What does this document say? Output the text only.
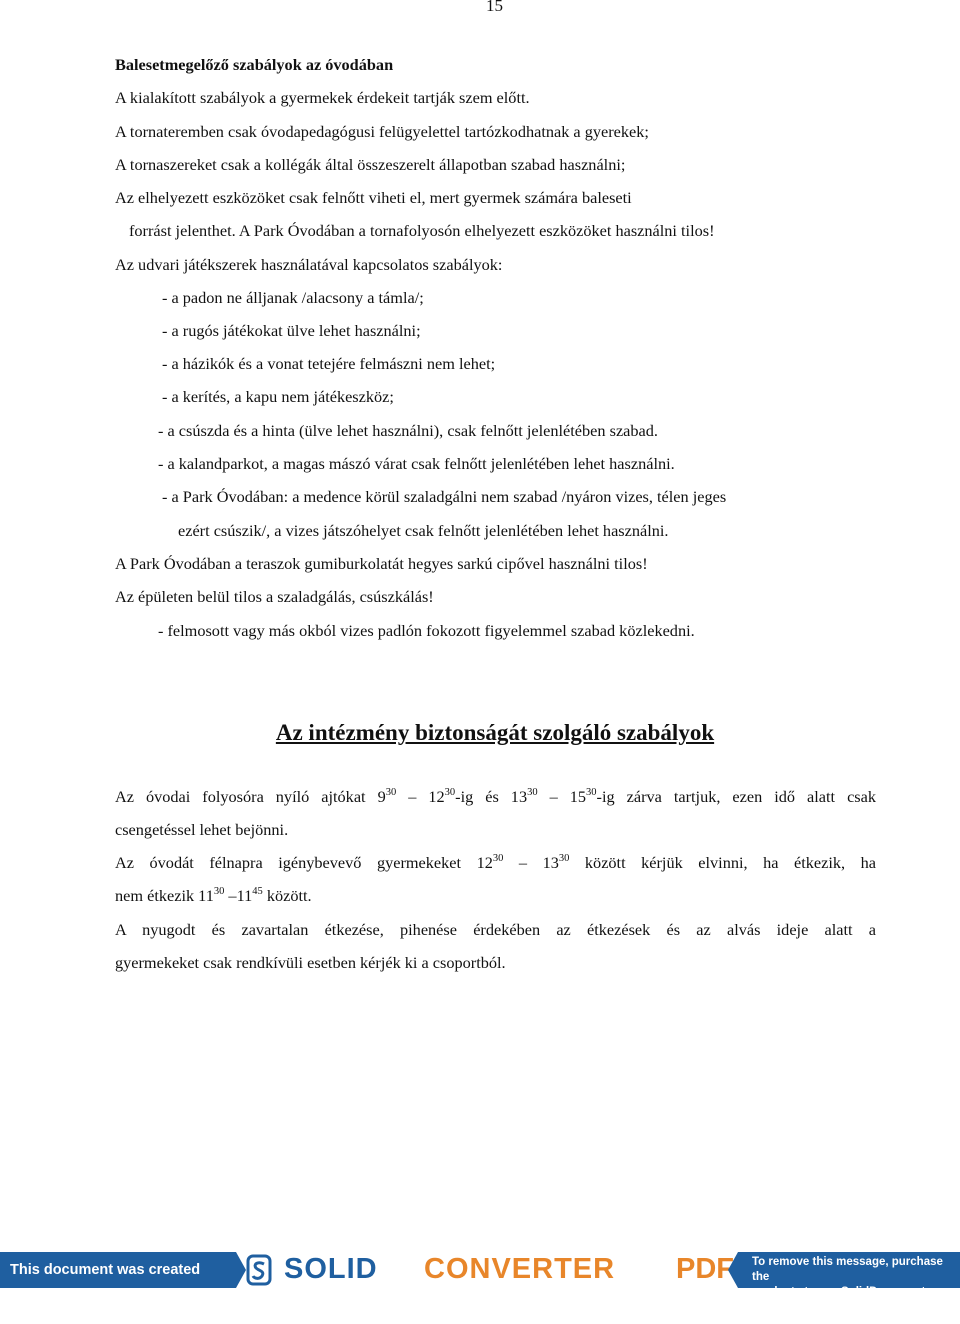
15
Balesetmegelőző szabályok az óvodában
A kialakított szabályok a gyermekek érdekeit tartják szem előtt.
A tornateremben csak óvodapedagógusi felügyelettel tartózkodhatnak a gyerekek;
A tornaszereket csak a kollégák által összeszerelt állapotban szabad használni;
Az elhelyezett eszközöket csak felnőtt viheti el, mert gyermek számára baleseti
forrást jelenthet. A Park Óvodában a tornafolyosón elhelyezett eszközöket használni tilos!
Az udvari játékszerek használatával kapcsolatos szabályok:
- a padon ne álljanak /alacsony a támla/;
- a rugós játékokat ülve lehet használni;
- a házikók és a vonat tetejére felmászni nem lehet;
- a kerítés, a kapu nem játékeszköz;
- a csúszda és a hinta (ülve lehet használni), csak felnőtt jelenlétében szabad.
- a kalandparkot, a magas mászó várat csak felnőtt jelenlétében lehet használni.
- a Park Óvodában: a medence körül szaladgálni nem szabad /nyáron vizes, télen jeges
ezért csúszik/, a vizes játszóhelyet csak felnőtt jelenlétében lehet használni.
A Park Óvodában a teraszok gumiburkolatát hegyes sarkú cipővel használni tilos!
Az épületen belül tilos a szaladgálás, csúszkálás!
- felmosott vagy más okból vizes padlón fokozott figyelemmel szabad közlekedni.
Az intézmény biztonságát szolgáló szabályok
Az óvodai folyosóra nyíló ajtókat $9^{30} - 12^{30}-ig$ és $13^{30} - 15^{30}-ig$ zárva tartjuk, ezen idő alatt csak
csengetéssel lehet bejönni.
Az óvodát félnapra igénybevevő gyermekeket $12^{30} - 13^{30}$ között kérjük elvinni, ha étkezik, ha
nem étkezik $11^{30}$ $-11^{45}$ között.
A nyugodt és zavartalan étkezése, pihenése érdekében az étkezések és az alvás ideje alatt a
gyermekeket csak rendkívüli esetben kérjék ki a csoportból.
This document was created using
SOLID CONVERTER PDF To remove this message, purchase the
product at www.SolidDocuments.com
